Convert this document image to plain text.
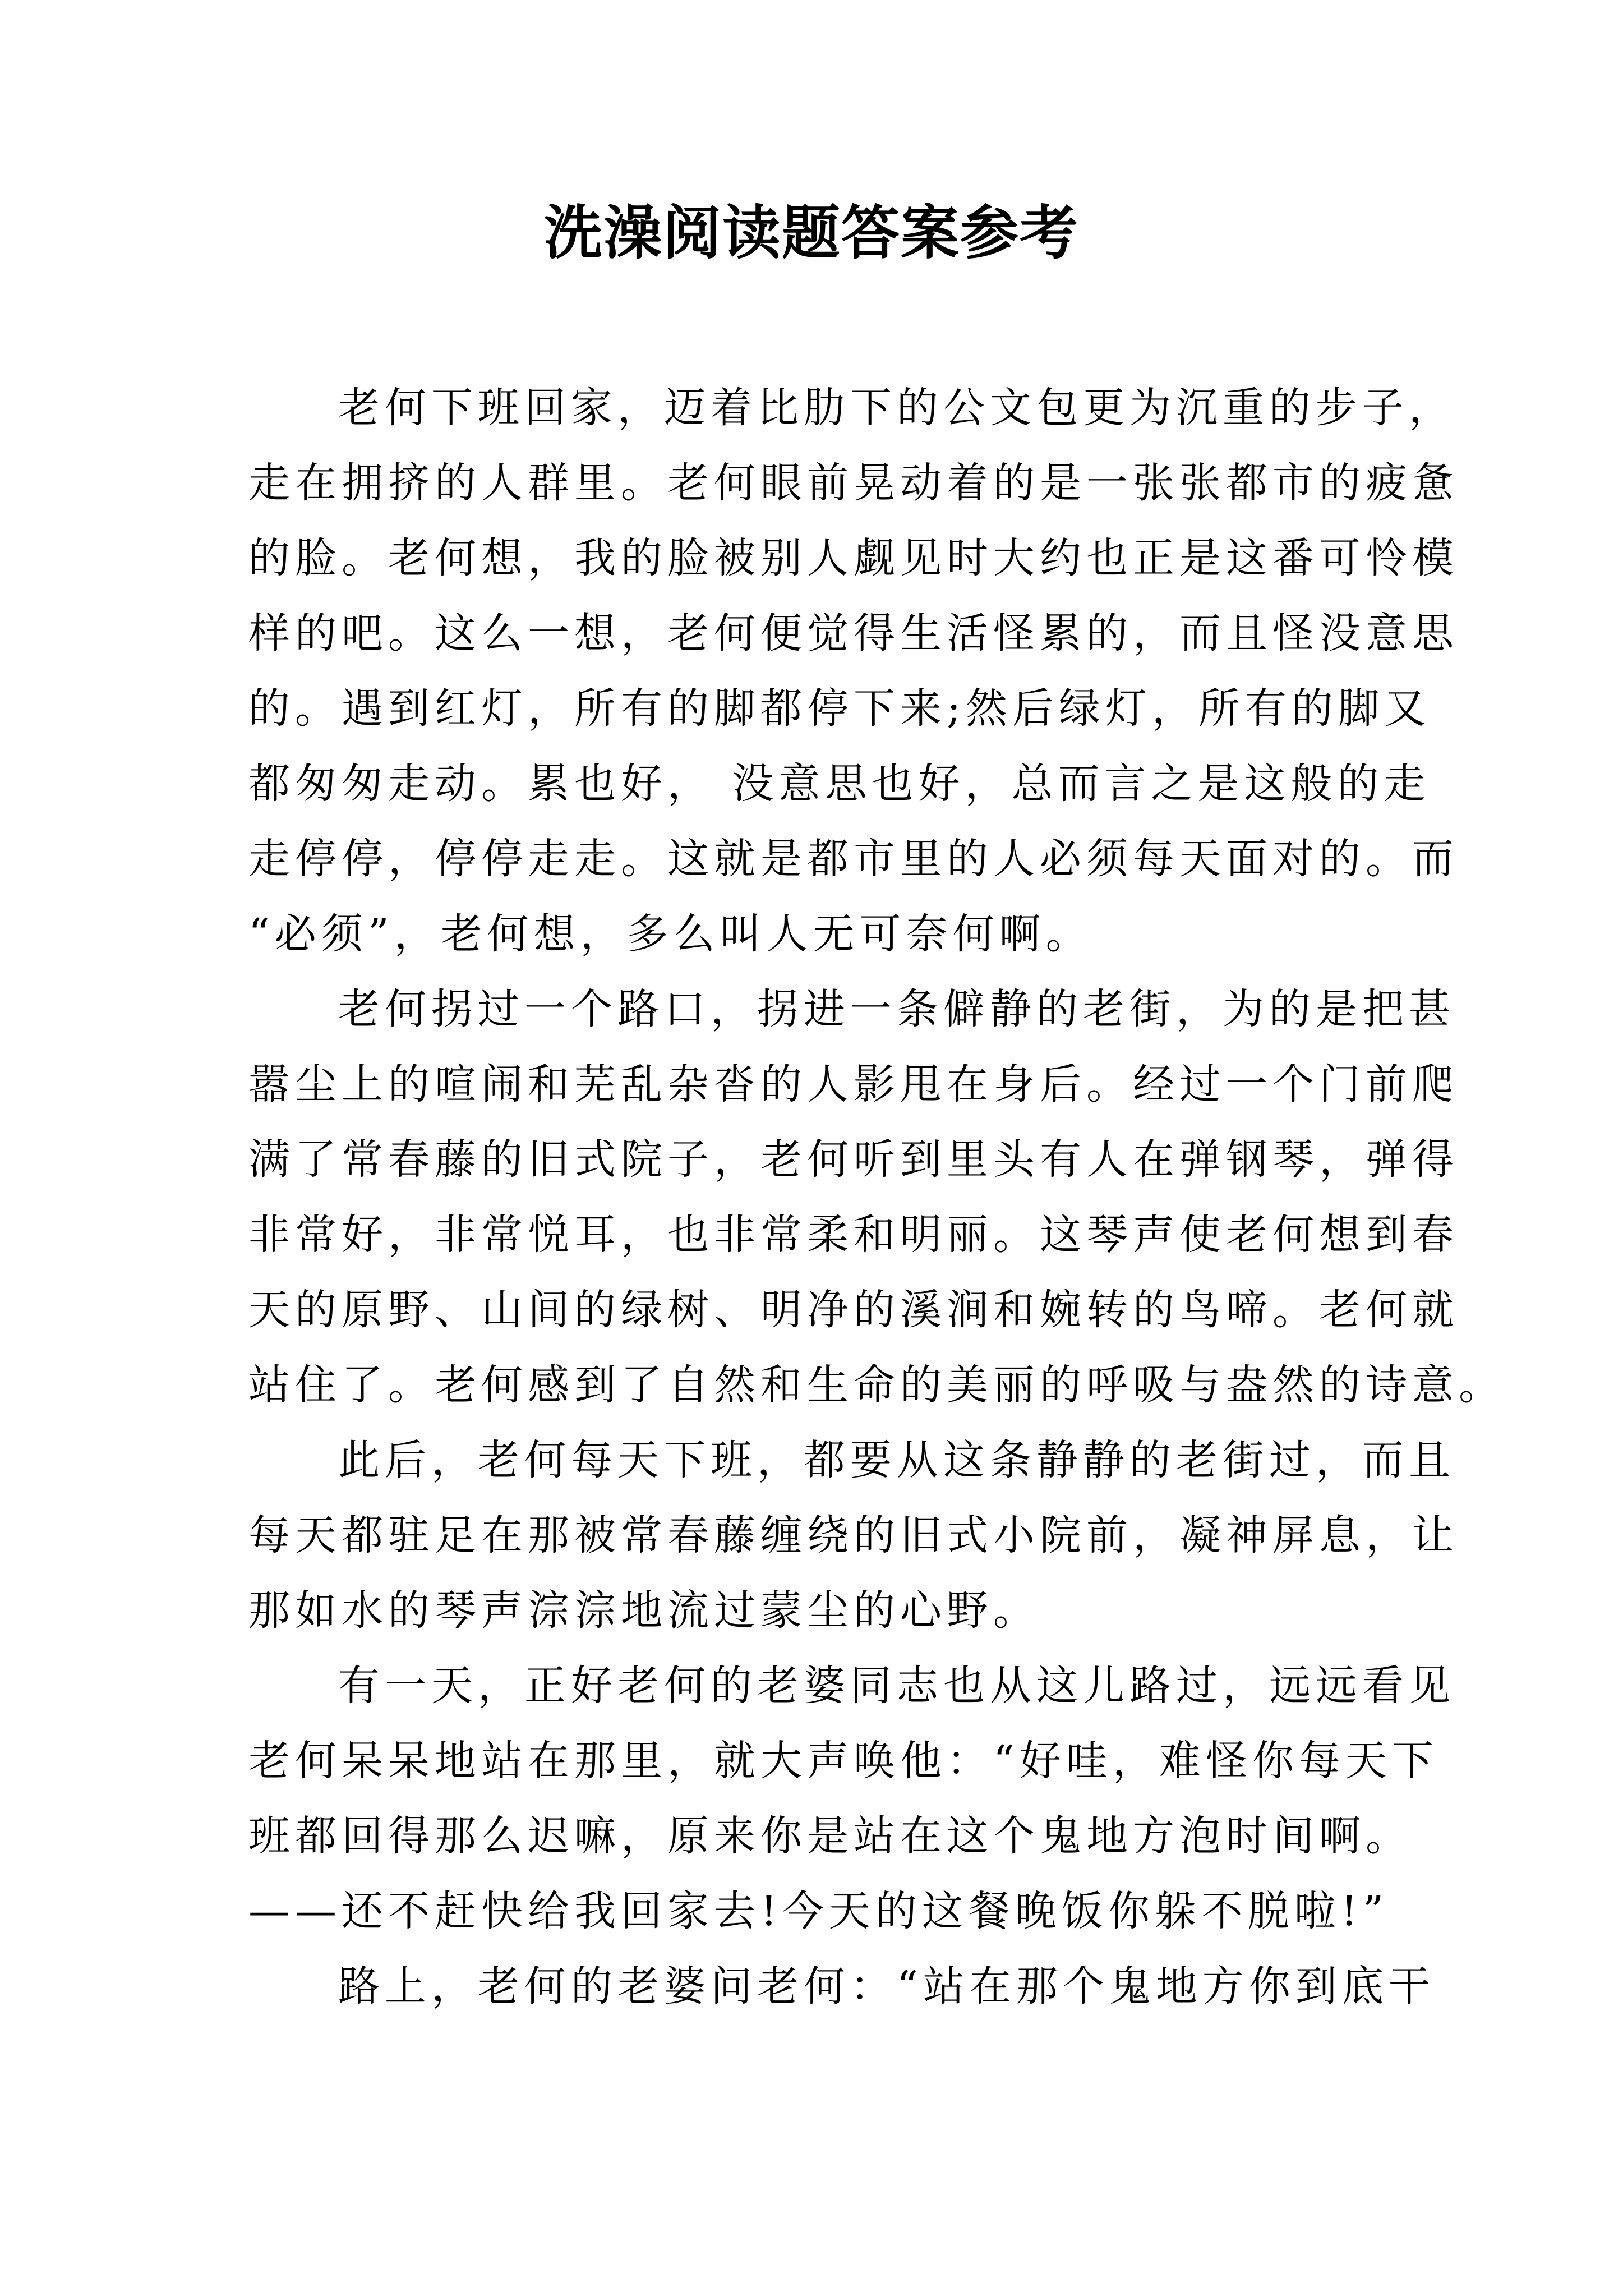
洗澡阅读题答案参考

老何下班回家，迈着比肋下的公文包更为沉重的步子，

走在拥挤的人群里。老何眼前晃动着的是一张张都市的疲惫

的脸。老何想，我的脸被别人觑见时大约也正是这番可怜模

样的吧。这么一想，老何便觉得生活怪累的，而且怪没意思

的。遇到红灯，所有的脚都停下来;然后绿灯，所有的脚又

都匆匆走动。累也好， 没意思也好，总而言之是这般的走

走停停，停停走走。这就是都市里的人必须每天面对的。而

“必须”，老何想，多么叫人无可奈何啊。

老何拐过一个路口，拐进一条僻静的老街，为的是把甚

嚣尘上的喧闹和芜乱杂沓的人影甩在身后。经过一个门前爬

满了常春藤的旧式院子，老何听到里头有人在弹钢琴，弹得

非常好，非常悦耳，也非常柔和明丽。这琴声使老何想到春

天的原野、山间的绿树、明净的溪涧和婉转的鸟啼。老何就

站住了。老何感到了自然和生命的美丽的呼吸与盎然的诗意。

此后，老何每天下班，都要从这条静静的老街过，而且

每天都驻足在那被常春藤缠绕的旧式小院前，凝神屏息，让

那如水的琴声淙淙地流过蒙尘的心野。

有一天，正好老何的老婆同志也从这儿路过，远远看见

老何呆呆地站在那里，就大声唤他：“好哇，难怪你每天下

班都回得那么迟嘛，原来你是站在这个鬼地方泡时间啊。

——还不赶快给我回家去!今天的这餐晚饭你躲不脱啦!”

路上，老何的老婆问老何：“站在那个鬼地方你到底干
